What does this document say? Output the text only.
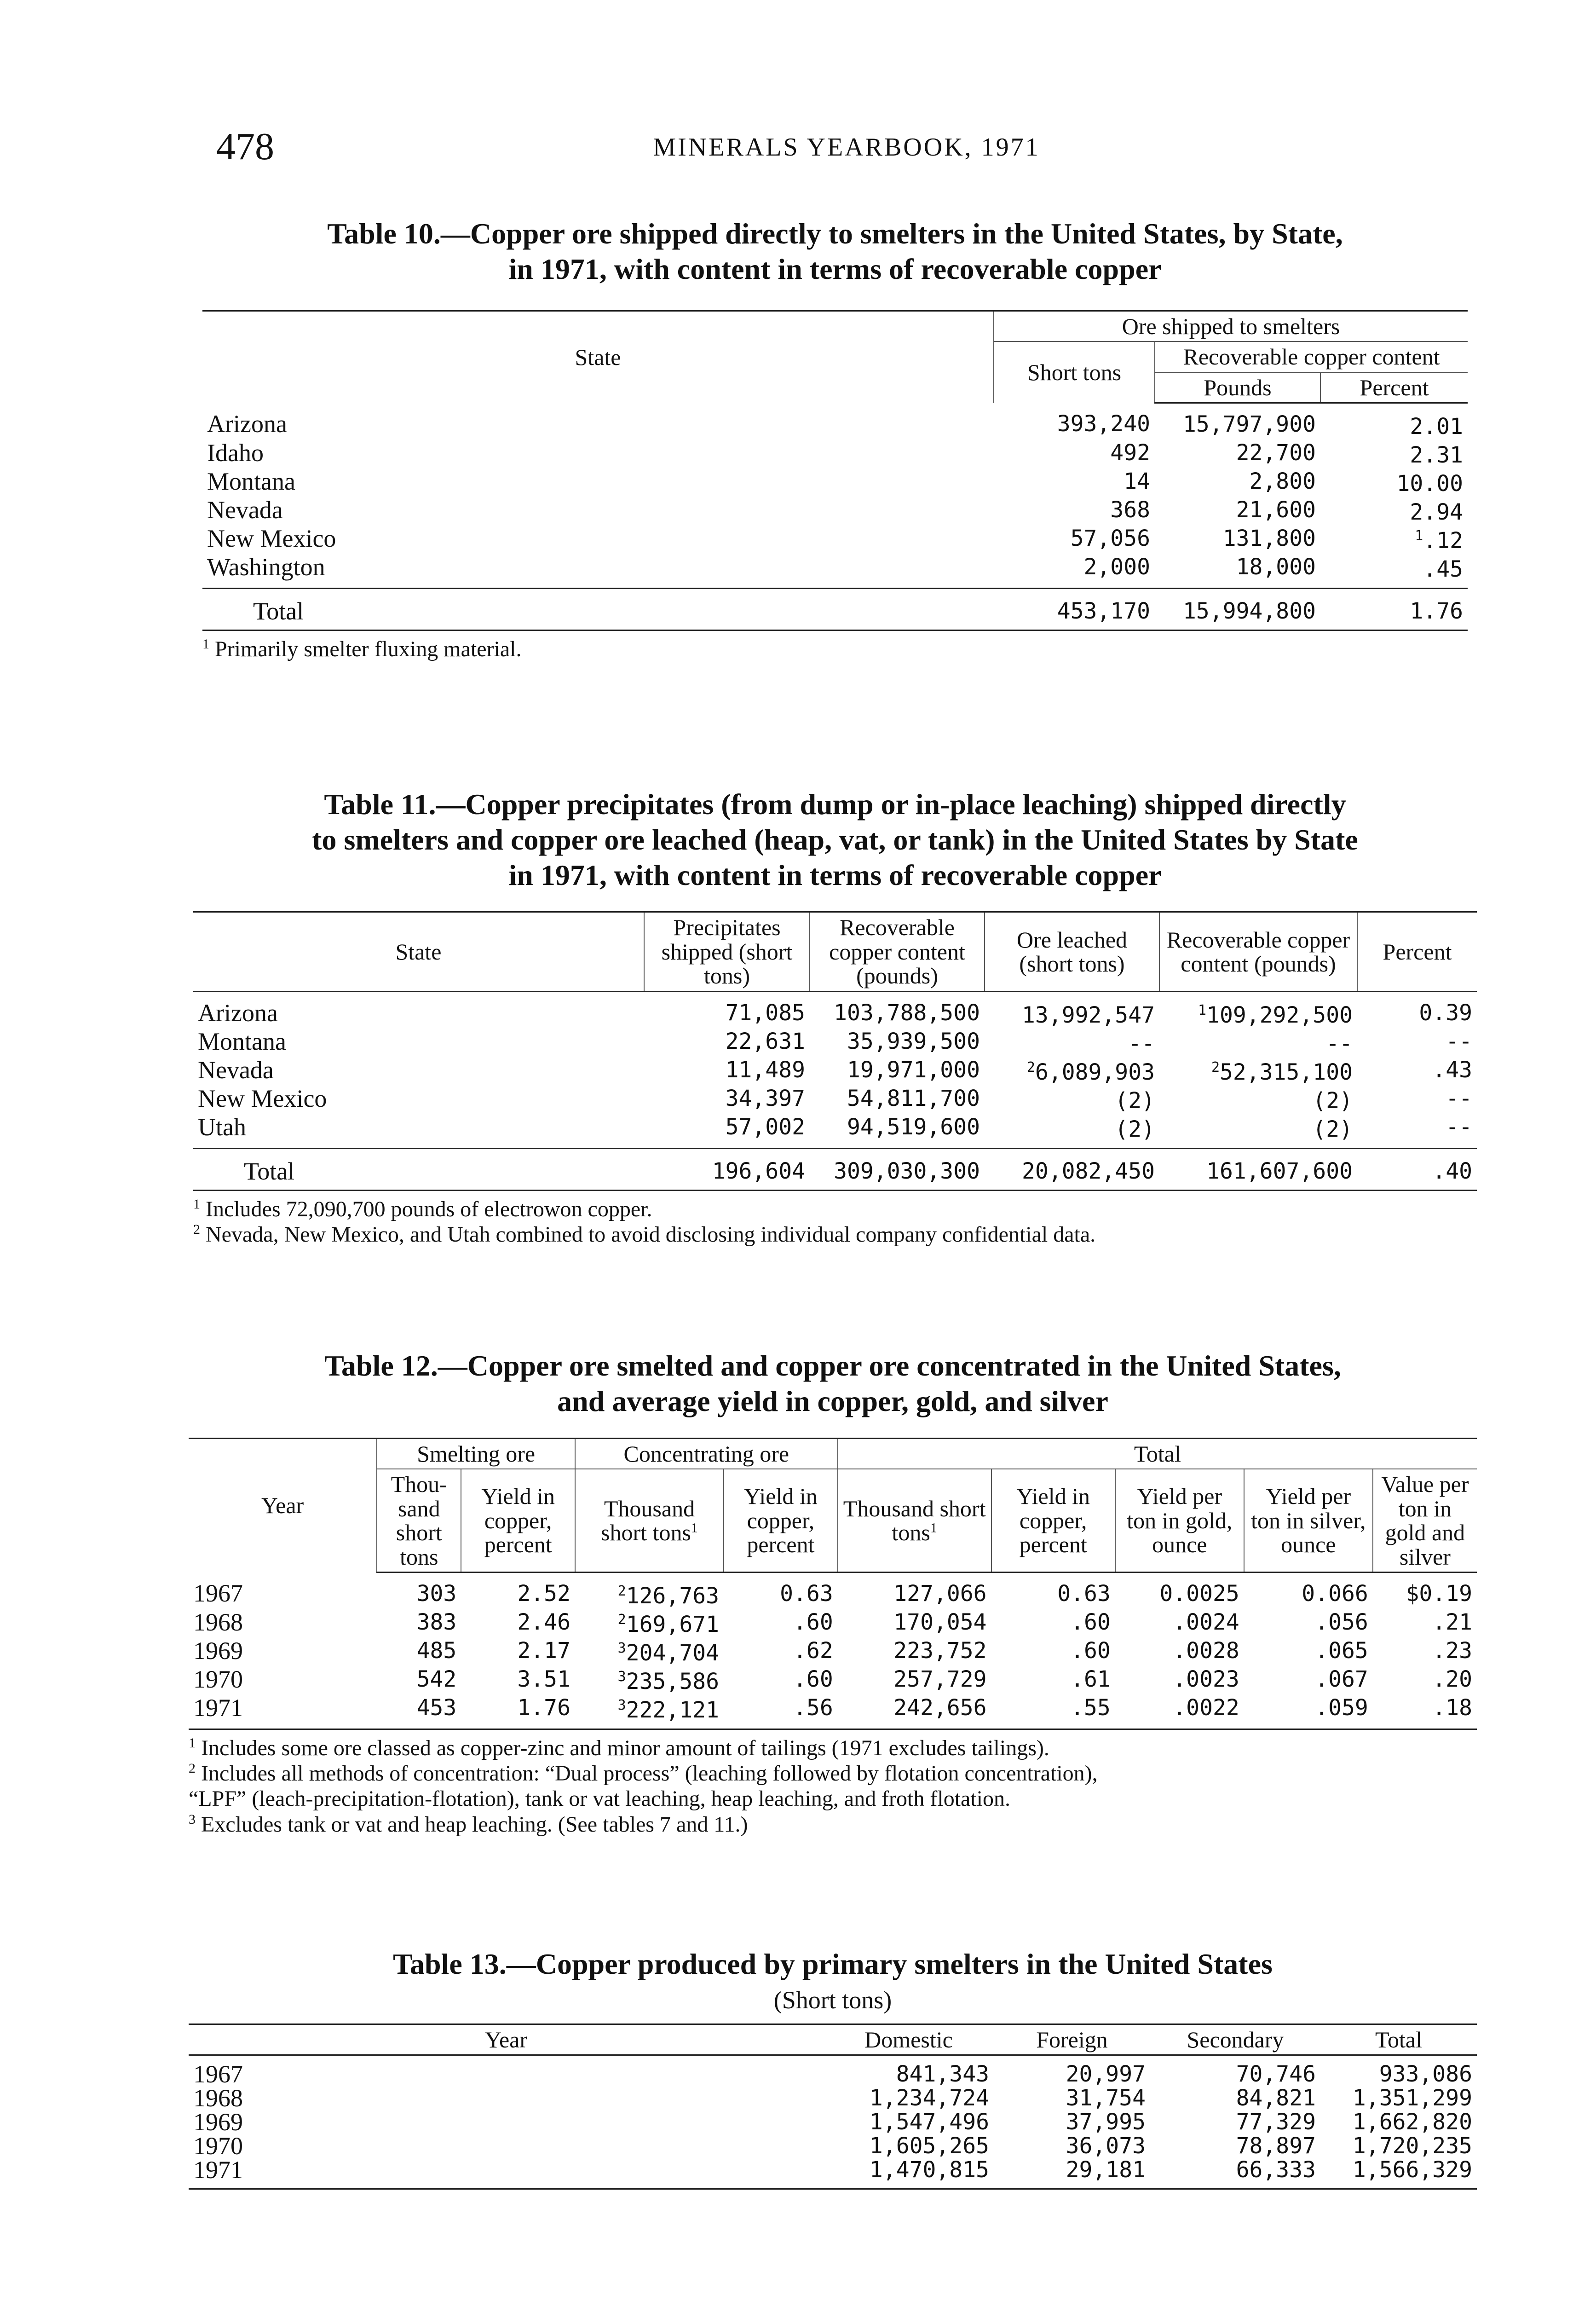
478	MINERALS YEARBOOK, 1971
Table 10.—Copper ore shipped directly to smelters in the United States, by State,
in 1971, with content in terms of recoverable copper
State	Ore shipped to smelters		
	Short tons	Recoverable copper content	
		Pounds	Percent
Arizona	393,240	15,797,900	2.01
Idaho	492	22,700	2.31
Montana	14	2,800	10.00
Nevada	368	21,600	2.94
New Mexico	57,056	131,800	$^1$.12
Washington	2,000	18,000	.45
Total	453,170	15,994,800	1.76

$^1$ Primarily smelter fluxing material.

Table 11.—Copper precipitates (from dump or in-place leaching) shipped directly
to smelters and copper ore leached (heap, vat, or tank) in the United States by State
in 1971, with content in terms of recoverable copper
State	Precipitates shipped (short tons)	Recoverable copper content (pounds)	Ore leached (short tons)	Recoverable copper content (pounds)	Percent
Arizona	71,085	103,788,500	13,992,547	$^1$109,292,500	0.39
Montana	22,631	35,939,500	--	--	--
Nevada	11,489	19,971,000	$^2$6,089,903	$^2$52,315,100	.43
New Mexico	34,397	54,811,700	(2)	(2)	--
Utah	57,002	94,519,600	(2)	(2)	--
Total	196,604	309,030,300	20,082,450	161,607,600	.40

$^1$ Includes 72,090,700 pounds of electrowon copper.

$^2$ Nevada, New Mexico, and Utah combined to avoid disclosing individual company confidential data.

Table 12.—Copper ore smelted and copper ore concentrated in the United States,
and average yield in copper, gold, and silver
Year	Smelting ore		Concentrating ore		Total				
	Thou- sand short tons	Yield in copper, percent	Thousand short tons$^1$	Yield in copper, percent	Thousand short tons$^1$	Yield in copper, percent	Yield per ton in gold, ounce	Yield per ton in silver, ounce	Value per ton in gold and silver
1967	303	2.52	$^2$126,763	0.63	127,066	0.63	0.0025	0.066	$0.19
1968	383	2.46	$^2$169,671	.60	170,054	.60	.0024	.056	.21
1969	485	2.17	$^3$204,704	.62	223,752	.60	.0028	.065	.23
1970	542	3.51	$^3$235,586	.60	257,729	.61	.0023	.067	.20
1971	453	1.76	$^3$222,121	.56	242,656	.55	.0022	.059	.18

$^1$ Includes some ore classed as copper-zinc and minor amount of tailings (1971 excludes tailings).

$^2$ Includes all methods of concentration: “Dual process” (leaching followed by flotation concentration),

“LPF” (leach-precipitation-flotation), tank or vat leaching, heap leaching, and froth flotation.

$^3$ Excludes tank or vat and heap leaching. (See tables 7 and 11.)

Table 13.—Copper produced by primary smelters in the United States
(Short tons)
Year	Domestic	Foreign	Secondary	Total
1967	841,343	20,997	70,746	933,086
1968	1,234,724	31,754	84,821	1,351,299
1969	1,547,496	37,995	77,329	1,662,820
1970	1,605,265	36,073	78,897	1,720,235
1971	1,470,815	29,181	66,333	1,566,329
